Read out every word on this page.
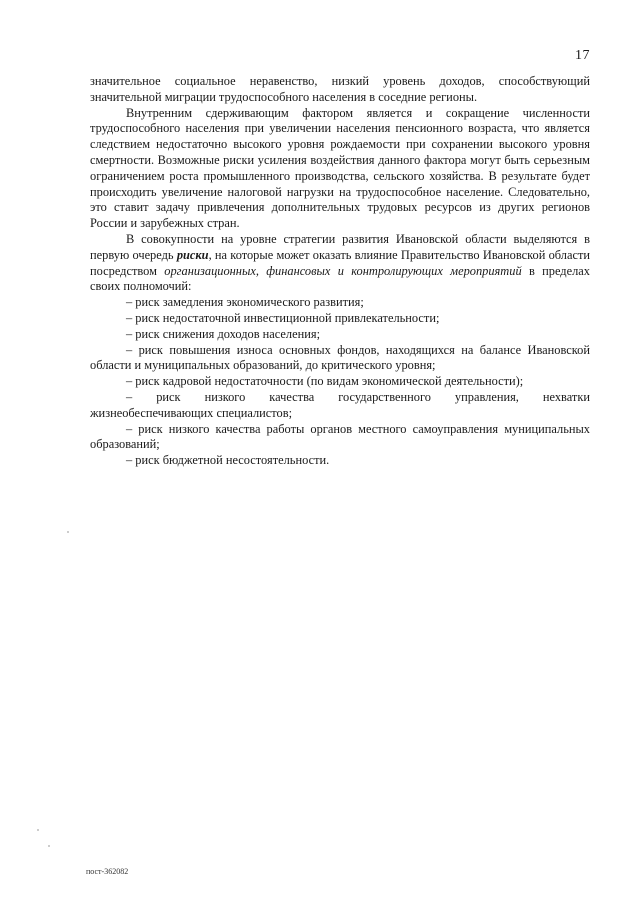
17

значительное социальное неравенство, низкий уровень доходов, способствующий значительной миграции трудоспособного населения в соседние регионы.

Внутренним сдерживающим фактором является и сокращение численности трудоспособного населения при увеличении населения пенсионного возраста, что является следствием недостаточно высокого уровня рождаемости при сохранении высокого уровня смертности. Возможные риски усиления воздействия данного фактора могут быть серьезным ограничением роста промышленного производства, сельского хозяйства. В результате будет происходить увеличение налоговой нагрузки на трудоспособное население. Следовательно, это ставит задачу привлечения дополнительных трудовых ресурсов из других регионов России и зарубежных стран.

В совокупности на уровне стратегии развития Ивановской области выделяются в первую очередь риски, на которые может оказать влияние Правительство Ивановской области посредством организационных, финансовых и контролирующих мероприятий в пределах своих полномочий:

– риск замедления экономического развития;

– риск недостаточной инвестиционной привлекательности;

– риск снижения доходов населения;

– риск повышения износа основных фондов, находящихся на балансе Ивановской области и муниципальных образований, до критического уровня;

– риск кадровой недостаточности (по видам экономической деятельности);

– риск низкого качества государственного управления, нехватки жизнеобеспечивающих специалистов;

– риск низкого качества работы органов местного самоуправления муниципальных образований;

– риск бюджетной несостоятельности.

пост-362082
